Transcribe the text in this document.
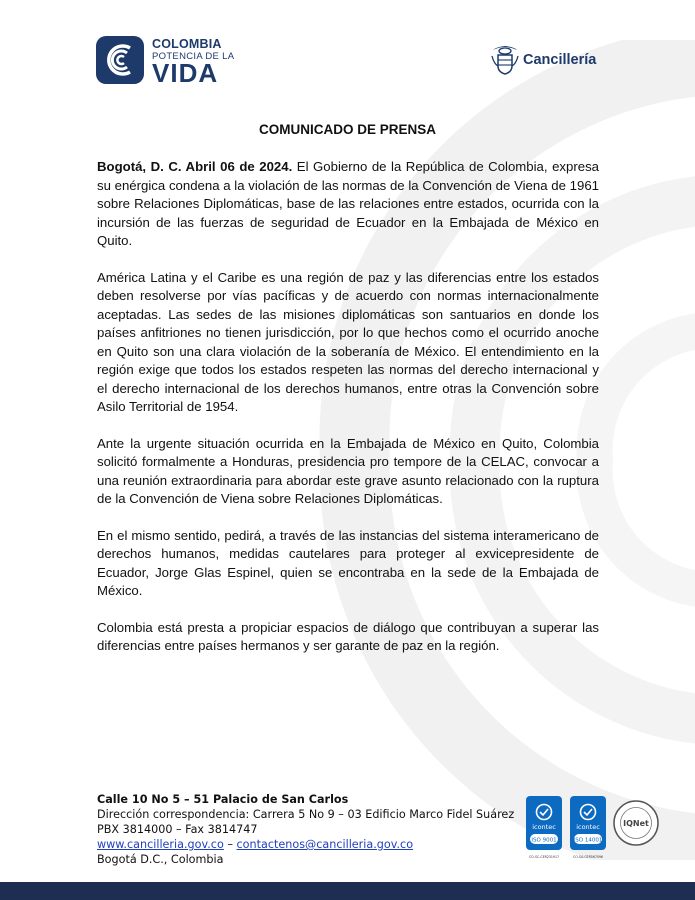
COLOMBIA
POTENCIA DE LA
VIDA	Cancillería
COMUNICADO DE PRENSA

Bogotá, D. C. Abril 06 de 2024. El Gobierno de la República de Colombia, expresa su enérgica condena a la violación de las normas de la Convención de Viena de 1961 sobre Relaciones Diplomáticas, base de las relaciones entre estados, ocurrida con la incursión de las fuerzas de seguridad de Ecuador en la Embajada de México en Quito.

América Latina y el Caribe es una región de paz y las diferencias entre los estados deben resolverse por vías pacíficas y de acuerdo con normas internacionalmente aceptadas. Las sedes de las misiones diplomáticas son santuarios en donde los países anfitriones no tienen jurisdicción, por lo que hechos como el ocurrido anoche en Quito son una clara violación de la soberanía de México. El entendimiento en la región exige que todos los estados respeten las normas del derecho internacional y el derecho internacional de los derechos humanos, entre otras la Convención sobre Asilo Territorial de 1954.

Ante la urgente situación ocurrida en la Embajada de México en Quito, Colombia solicitó formalmente a Honduras, presidencia pro tempore de la CELAC, convocar a una reunión extraordinaria para abordar este grave asunto relacionado con la ruptura de la Convención de Viena sobre Relaciones Diplomáticas.

En el mismo sentido, pedirá, a través de las instancias del sistema interamericano de derechos humanos, medidas cautelares para proteger al exvicepresidente de Ecuador, Jorge Glas Espinel, quien se encontraba en la sede de la Embajada de México.

Colombia está presta a propiciar espacios de diálogo que contribuyan a superar las diferencias entre países hermanos y ser garante de paz en la región.

Calle 10 No 5 – 51 Palacio de San Carlos
Dirección correspondencia: Carrera 5 No 9 – 03 Edificio Marco Fidel Suárez
PBX 3814000 – Fax 3814747
www.cancilleria.gov.co – contactenos@cancilleria.gov.co
Bogotá D.C., Colombia
icontec
ISO 9001
CO-SC-CER231917
icontec
ISO 14001
CO-SA-CER567096
IQNet
